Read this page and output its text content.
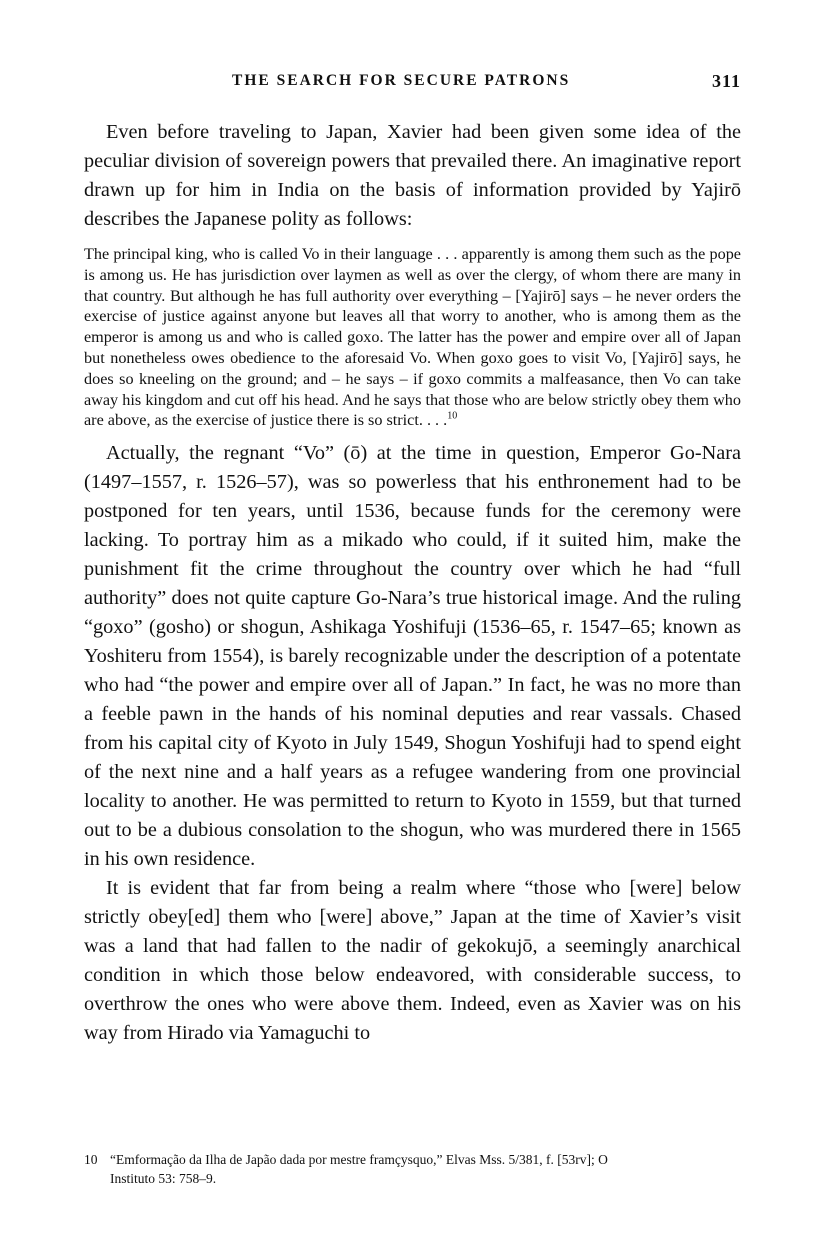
THE SEARCH FOR SECURE PATRONS	311

Even before traveling to Japan, Xavier had been given some idea of the peculiar division of sovereign powers that prevailed there. An imaginative report drawn up for him in India on the basis of information provided by Yajirō describes the Japanese polity as follows:

The principal king, who is called Vo in their language . . . apparently is among them such as the pope is among us. He has jurisdiction over laymen as well as over the clergy, of whom there are many in that country. But although he has full authority over everything – [Yajirō] says – he never orders the exercise of justice against anyone but leaves all that worry to another, who is among them as the emperor is among us and who is called goxo. The latter has the power and empire over all of Japan but nonetheless owes obedience to the aforesaid Vo. When goxo goes to visit Vo, [Yajirō] says, he does so kneeling on the ground; and – he says – if goxo commits a malfeasance, then Vo can take away his kingdom and cut off his head. And he says that those who are below strictly obey them who are above, as the exercise of justice there is so strict. . . .$^{10}$

Actually, the regnant “Vo” (ō) at the time in question, Emperor Go-Nara (1497–1557, r. 1526–57), was so powerless that his enthronement had to be postponed for ten years, until 1536, because funds for the ceremony were lacking. To portray him as a mikado who could, if it suited him, make the punishment fit the crime throughout the country over which he had “full authority” does not quite capture Go-Nara’s true historical image. And the ruling “goxo” (gosho) or shogun, Ashikaga Yoshifuji (1536–65, r. 1547–65; known as Yoshiteru from 1554), is barely recognizable under the description of a potentate who had “the power and empire over all of Japan.” In fact, he was no more than a feeble pawn in the hands of his nominal deputies and rear vassals. Chased from his capital city of Kyoto in July 1549, Shogun Yoshifuji had to spend eight of the next nine and a half years as a refugee wandering from one provincial locality to another. He was permitted to return to Kyoto in 1559, but that turned out to be a dubious consolation to the shogun, who was murdered there in 1565 in his own residence.

It is evident that far from being a realm where “those who [were] below strictly obey[ed] them who [were] above,” Japan at the time of Xavier’s visit was a land that had fallen to the nadir of gekokujō, a seemingly anarchical condition in which those below endeavored, with considerable success, to overthrow the ones who were above them. Indeed, even as Xavier was on his way from Hirado via Yamaguchi to

10 “Emformação da Ilha de Japão dada por mestre framçysquo,” Elvas Mss. 5/381, f. [53rv]; O
Instituto 53: 758–9.
